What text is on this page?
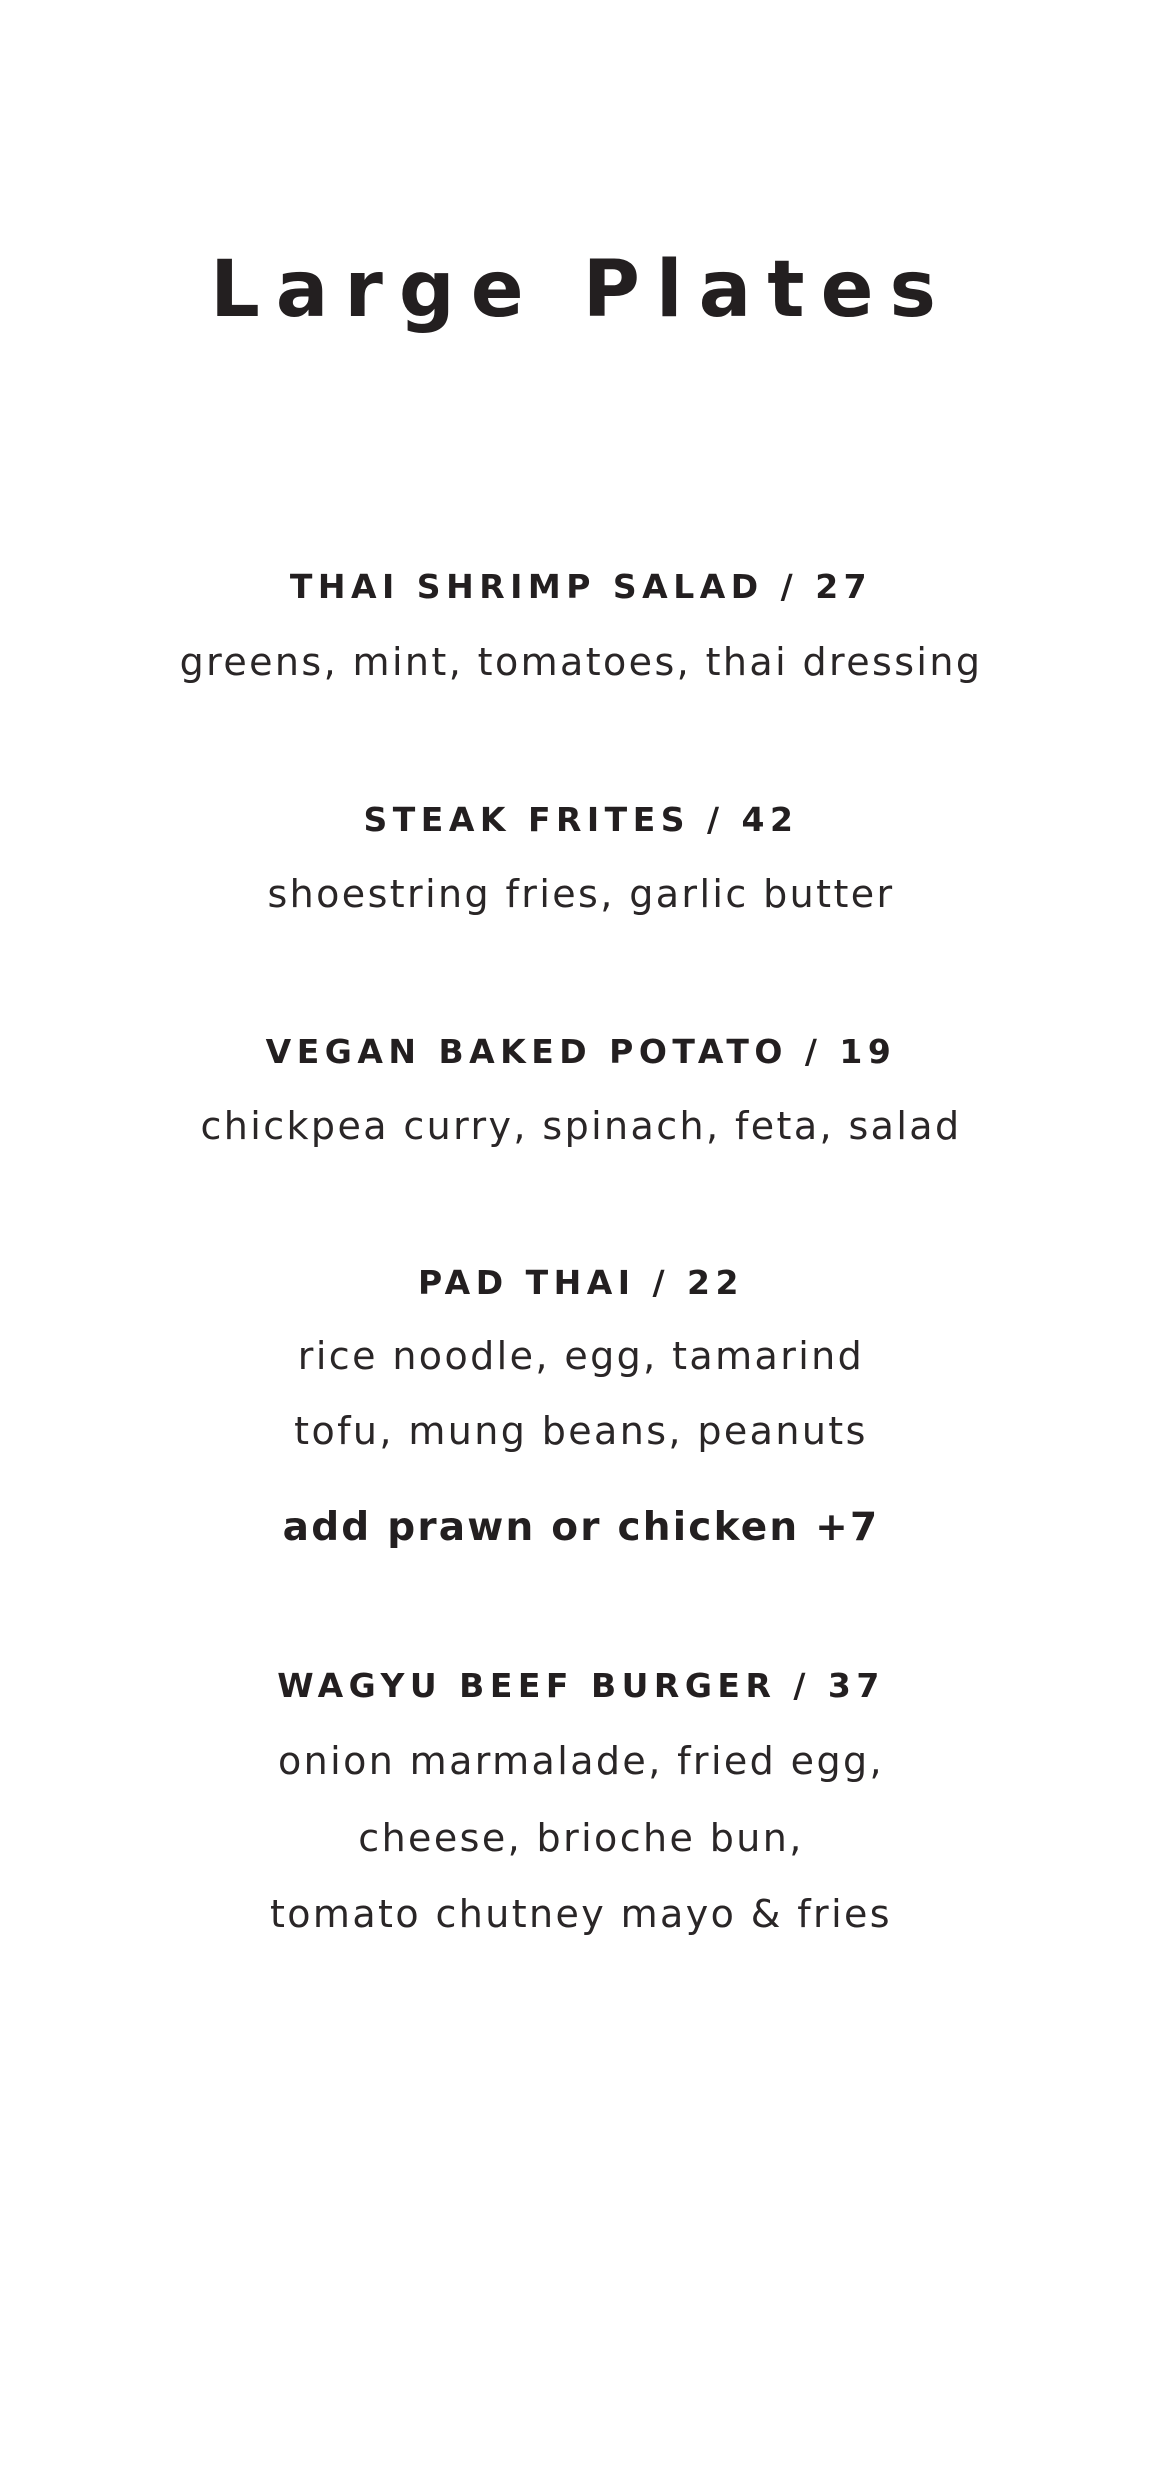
Large Plates
THAI SHRIMP SALAD / 27
greens, mint, tomatoes, thai dressing
STEAK FRITES / 42
shoestring fries, garlic butter
VEGAN BAKED POTATO / 19
chickpea curry, spinach, feta, salad
PAD THAI / 22
rice noodle, egg, tamarind
tofu, mung beans, peanuts
add prawn or chicken +7
WAGYU BEEF BURGER / 37
onion marmalade, fried egg,
cheese, brioche bun,
tomato chutney mayo & fries
